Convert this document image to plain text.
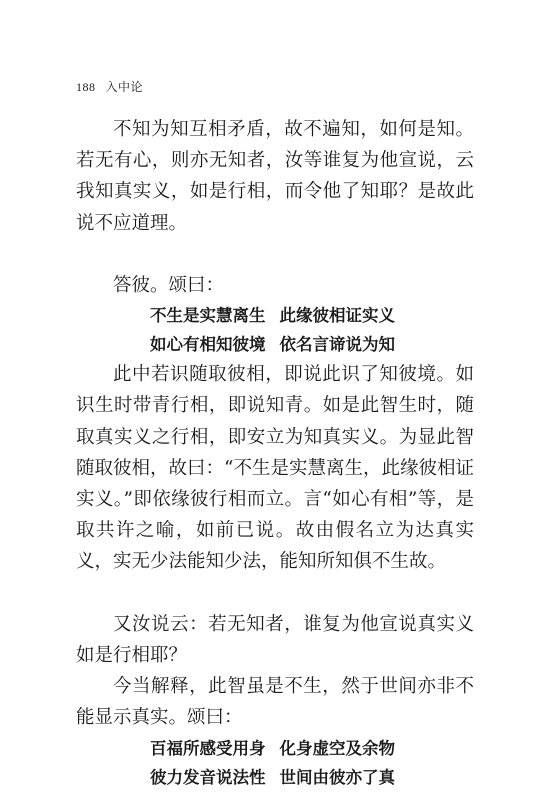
188 入中论

不知为知互相矛盾，故不遍知，如何是知。若无有心，则亦无知者，汝等谁复为他宣说，云我知真实义，如是行相，而令他了知耶？是故此说不应道理。

答彼。颂曰：

不生是实慧离生 此缘彼相证实义
如心有相知彼境 依名言谛说为知

此中若识随取彼相，即说此识了知彼境。如识生时带青行相，即说知青。如是此智生时，随取真实义之行相，即安立为知真实义。为显此智随取彼相，故曰：“不生是实慧离生，此缘彼相证实义。”即依缘彼行相而立。言“如心有相”等，是取共许之喻，如前已说。故由假名立为达真实义，实无少法能知少法，能知所知俱不生故。

又汝说云：若无知者，谁复为他宣说真实义如是行相耶？

今当解释，此智虽是不生，然于世间亦非不能显示真实。颂曰：

百福所感受用身 化身虚空及余物
彼力发音说法性 世间由彼亦了真
